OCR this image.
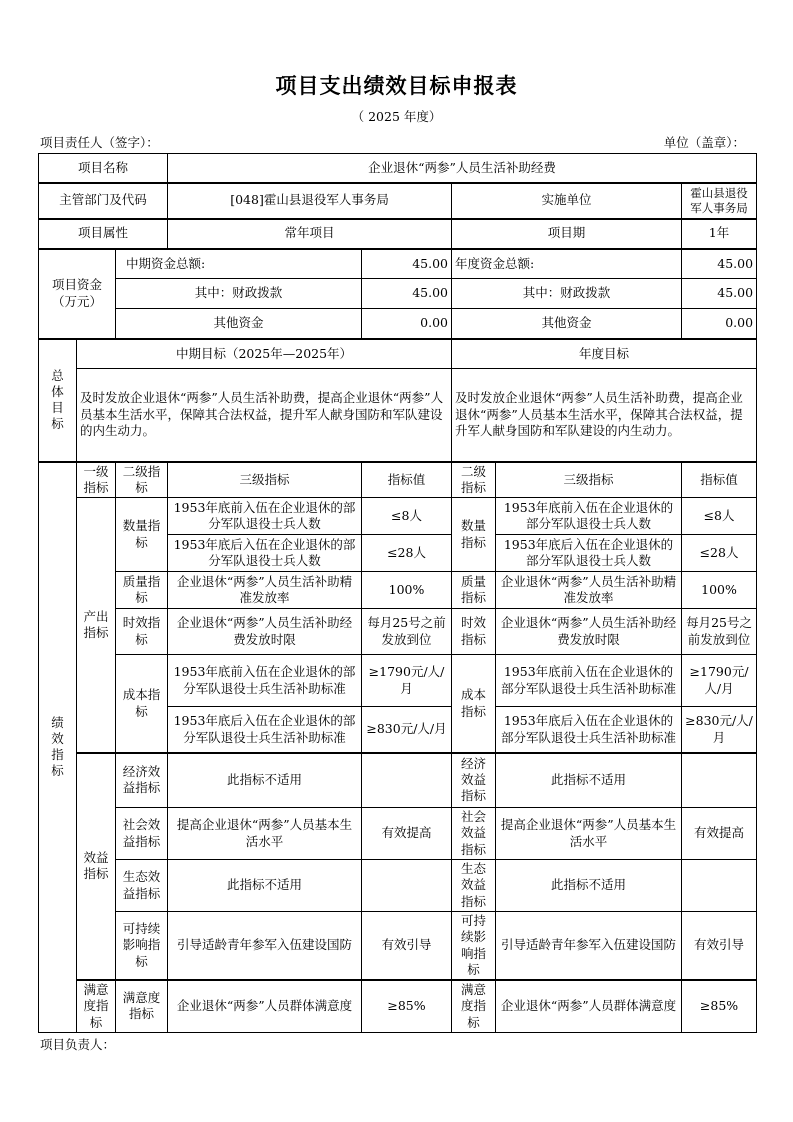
项目支出绩效目标申报表
（ 2025 年度）
项目责任人（签字）：	单位（盖章）：
项目名称			企业退休“两参”人员生活补助经费				
主管部门及代码			[048]霍山县退役军人事务局		实施单位		霍山县退役军人事务局
项目属性			常年项目		项目期		1年
项目资金（万元）		中期资金总额:		45.00	年度资金总额:		45.00
		其中：财政拨款		45.00	其中：财政拨款		45.00
		其他资金		0.00	其他资金		0.00

总体目标	中期目标（2025年—2025年）				年度目标		
	及时发放企业退休“两参”人员生活补助费，提高企业退休“两参”人员基本生活水平，保障其合法权益，提升军人献身国防和军队建设的内生动力。				及时发放企业退休“两参”人员生活补助费，提高企业退休“两参”人员基本生活水平，保障其合法权益，提升军人献身国防和军队建设的内生动力。		

绩效指标	一级指标	二级指标	三级指标	指标值	二级指标	三级指标	指标值
	产出指标	数量指标	1953年底前入伍在企业退休的部分军队退役士兵人数	≤8人	数量指标	1953年底前入伍在企业退休的部分军队退役士兵人数	≤8人
			1953年底后入伍在企业退休的部分军队退役士兵人数	≤28人		1953年底后入伍在企业退休的部分军队退役士兵人数	≤28人
		质量指标	企业退休“两参”人员生活补助精准发放率	100%	质量指标	企业退休“两参”人员生活补助精准发放率	100%
		时效指标	企业退休“两参”人员生活补助经费发放时限	每月25号之前发放到位	时效指标	企业退休“两参”人员生活补助经费发放时限	每月25号之前发放到位
		成本指标	1953年底前入伍在企业退休的部分军队退役士兵生活补助标准	≥1790元/人/月	成本指标	1953年底前入伍在企业退休的部分军队退役士兵生活补助标准	≥1790元/人/月
			1953年底后入伍在企业退休的部分军队退役士兵生活补助标准	≥830元/人/月		1953年底后入伍在企业退休的部分军队退役士兵生活补助标准	≥830元/人/月

	效益指标	经济效益指标	此指标不适用		经济效益指标	此指标不适用	
		社会效益指标	提高企业退休“两参”人员基本生活水平	有效提高	社会效益指标	提高企业退休“两参”人员基本生活水平	有效提高
		生态效益指标	此指标不适用		生态效益指标	此指标不适用	
		可持续影响指标	引导适龄青年参军入伍建设国防	有效引导	可持续影响指标	引导适龄青年参军入伍建设国防	有效引导
	满意度指标	满意度指标	企业退休“两参”人员群体满意度	≥85%	满意度指标	企业退休“两参”人员群体满意度	≥85%
项目负责人：
